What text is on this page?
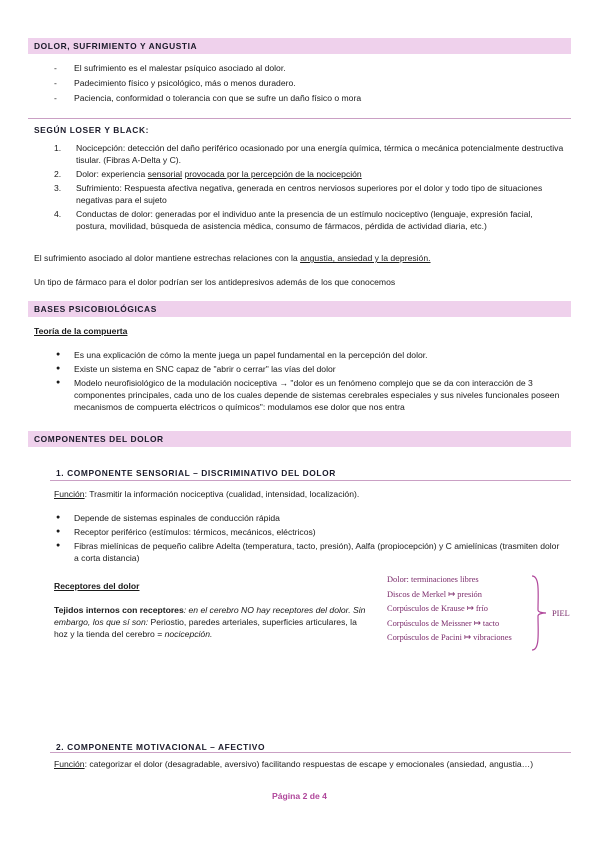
DOLOR, SUFRIMIENTO Y ANGUSTIA
- El sufrimiento es el malestar psíquico asociado al dolor.
- Padecimiento físico y psicológico, más o menos duradero.
- Paciencia, conformidad o tolerancia con que se sufre un daño físico o mora
SEGÚN LOSER Y BLACK:
1. Nocicepción: detección del daño periférico ocasionado por una energía química, térmica o mecánica potencialmente destructiva tisular. (Fibras A-Delta y C).
2. Dolor: experiencia sensorial provocada por la percepción de la nocicepción
3. Sufrimiento: Respuesta afectiva negativa, generada en centros nerviosos superiores por el dolor y todo tipo de situaciones negativas para el sujeto
4. Conductas de dolor: generadas por el individuo ante la presencia de un estímulo nociceptivo (lenguaje, expresión facial, postura, movilidad, búsqueda de asistencia médica, consumo de fármacos, pérdida de actividad diaria, etc.)
El sufrimiento asociado al dolor mantiene estrechas relaciones con la angustia, ansiedad y la depresión.
Un tipo de fármaco para el dolor podrían ser los antidepresivos además de los que conocemos
BASES PSICOBIOLÓGICAS
Teoría de la compuerta
● Es una explicación de cómo la mente juega un papel fundamental en la percepción del dolor.
● Existe un sistema en SNC capaz de "abrir o cerrar" las vías del dolor
● Modelo neurofisiológico de la modulación nociceptiva → "dolor es un fenómeno complejo que se da con interacción de 3 componentes principales, cada uno de los cuales depende de sistemas cerebrales especiales y sus niveles funcionales poseen mecanismos de compuerta eléctricos o químicos": modulamos ese dolor que nos entra
COMPONENTES DEL DOLOR
1. COMPONENTE SENSORIAL – DISCRIMINATIVO DEL DOLOR
Función: Trasmitir la información nociceptiva (cualidad, intensidad, localización).
● Depende de sistemas espinales de conducción rápida
● Receptor periférico (estímulos: térmicos, mecánicos, eléctricos)
● Fibras mielínicas de pequeño calibre Adelta (temperatura, tacto, presión), Aalfa (propiocepción) y C amielínicas (trasmiten dolor a corta distancia)
Receptores del dolor
Tejidos internos con receptores: en el cerebro NO hay receptores del dolor. Sin embargo, los que sí son: Periostio, paredes arteriales, superficies articulares, la hoz y la tienda del cerebro = nocicepción.
Dolor: terminaciones libres
Discos de Merkel ↦ presión
Corpúsculos de Krause ↦ frío
Corpúsculos de Meissner ↦ tacto
Corpúsculos de Pacini ↦ vibraciones
PIEL
2. COMPONENTE MOTIVACIONAL – AFECTIVO
Función: categorizar el dolor (desagradable, aversivo) facilitando respuestas de escape y emocionales (ansiedad, angustia…)
Página 2 de 4
